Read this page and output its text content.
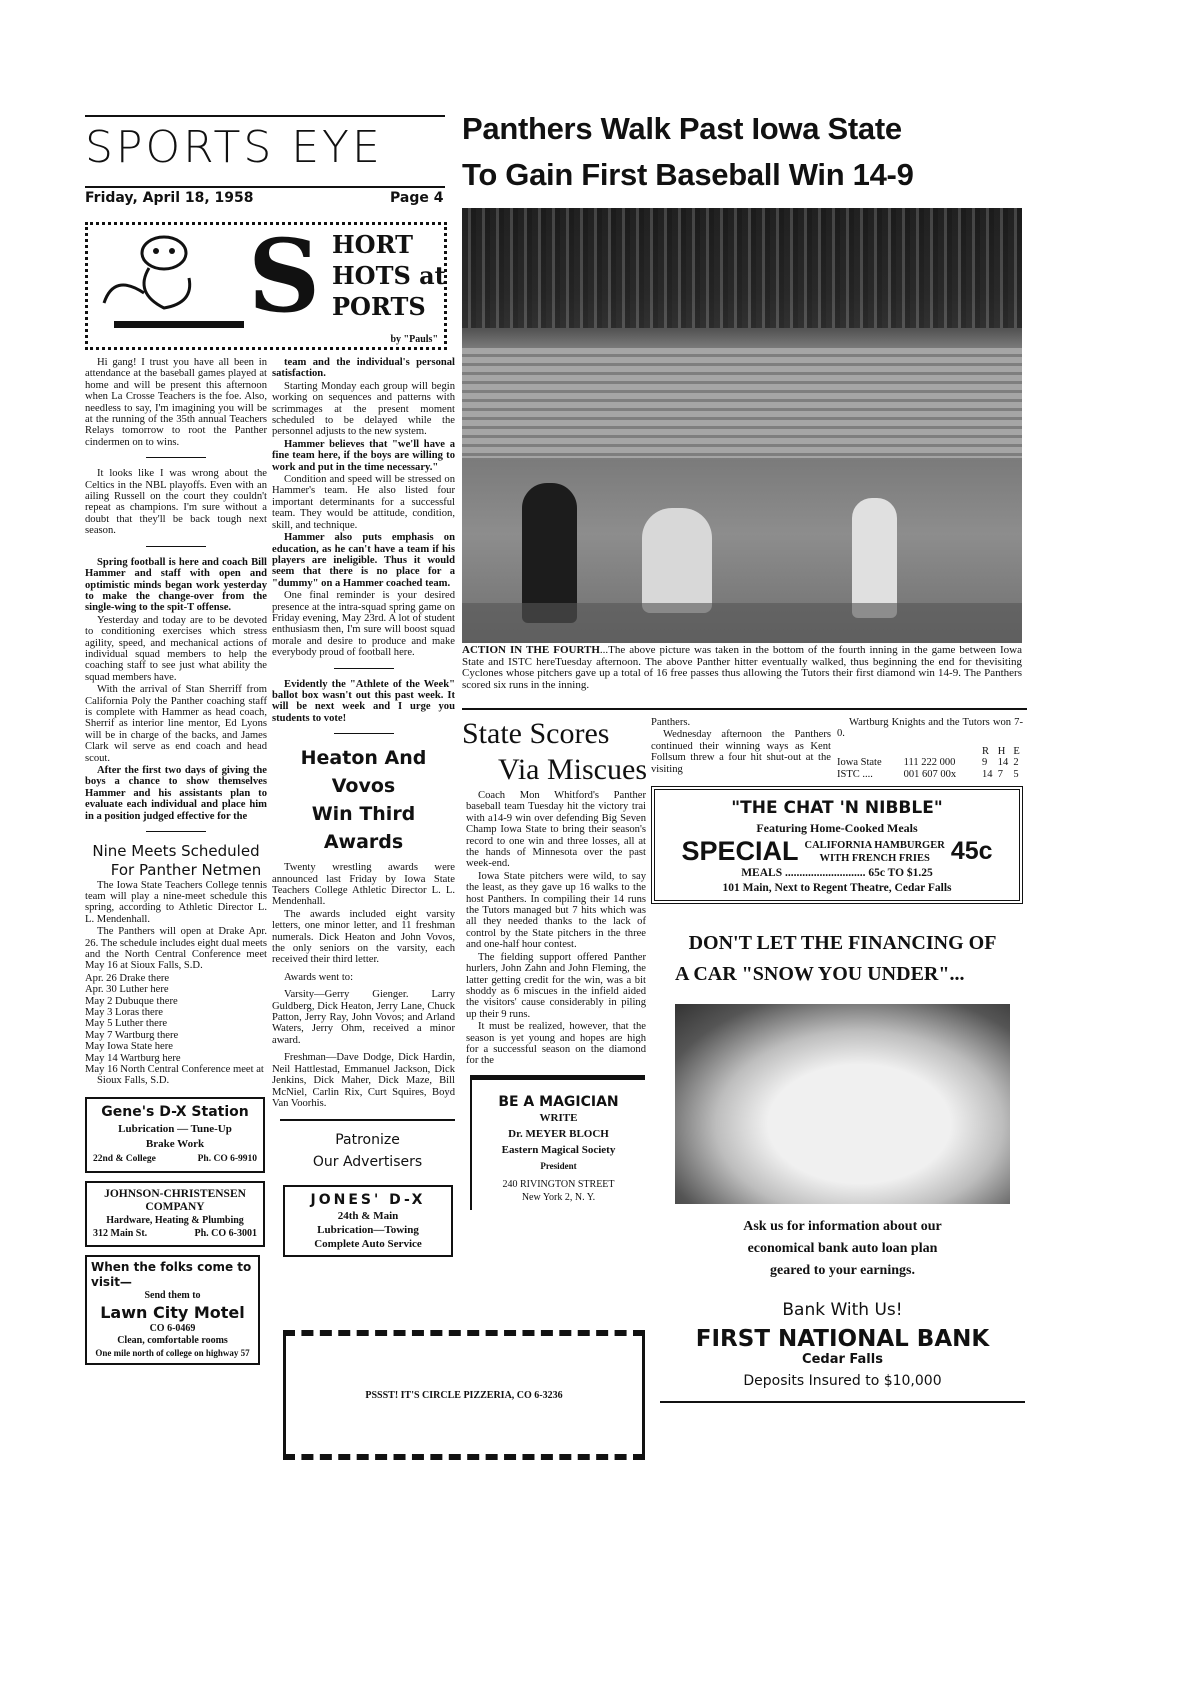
SPORTS EYE
Friday, April 18, 1958	Page 4
Panthers Walk Past Iowa State
To Gain First Baseball Win 14-9
ACTION IN THE FOURTH...The above picture was taken in the bottom of the fourth inning in the game between Iowa State and ISTC hereTuesday afternoon. The above Panther hitter eventually walked, thus beginning the end for thevisiting Cyclones whose pitchers gave up a total of 16 free passes thus allowing the Tutors their first diamond win 14-9. The Panthers scored six runs in the inning.
S HORT
HOTS at
PORTS
by "Pauls"

Hi gang! I trust you have all been in attendance at the baseball games played at home and will be present this afternoon when La Crosse Teachers is the foe. Also, needless to say, I'm imagining you will be at the running of the 35th annual Teachers Relays tomorrow to root the Panther cindermen on to wins.

It looks like I was wrong about the Celtics in the NBL playoffs. Even with an ailing Russell on the court they couldn't repeat as champions. I'm sure without a doubt that they'll be back tough next season.

Spring football is here and coach Bill Hammer and staff with open and optimistic minds began work yesterday to make the change-over from the single-wing to the spit-T offense.

Yesterday and today are to be devoted to conditioning exercises which stress agility, speed, and mechanical actions of individual squad members to help the coaching staff to see just what ability the squad members have.

With the arrival of Stan Sherriff from California Poly the Panther coaching staff is complete with Hammer as head coach, Sherrif as interior line mentor, Ed Lyons will be in charge of the backs, and James Clark wil serve as end coach and head scout.

After the first two days of giving the boys a chance to show themselves Hammer and his assistants plan to evaluate each individual and place him in a position judged effective for the

Nine Meets Scheduled
For Panther Netmen

The Iowa State Teachers College tennis team will play a nine-meet schedule this spring, according to Athletic Director L. L. Mendenhall.

The Panthers will open at Drake Apr. 26. The schedule includes eight dual meets and the North Central Conference meet May 16 at Sioux Falls, S.D.

Apr. 26 Drake there
Apr. 30 Luther here
May 2 Dubuque there
May 3 Loras there
May 5 Luther there
May 7 Wartburg there
May Iowa State here
May 14 Wartburg here
May 16 North Central Conference meet at Sioux Falls, S.D.
Gene's D-X Station
Lubrication — Tune-Up
Brake Work
22nd & College	Ph. CO 6-9910
JOHNSON-CHRISTENSEN
COMPANY
Hardware, Heating & Plumbing
312 Main St.	Ph. CO 6-3001
When the folks come to visit—
Send them to
Lawn City Motel
CO 6-0469
Clean, comfortable rooms
One mile north of college on highway 57

team and the individual's personal satisfaction.

Starting Monday each group will begin working on sequences and patterns with scrimmages at the present moment scheduled to be delayed while the personnel adjusts to the new system.

Hammer believes that "we'll have a fine team here, if the boys are willing to work and put in the time necessary."

Condition and speed will be stressed on Hammer's team. He also listed four important determinants for a successful team. They would be attitude, condition, skill, and technique.

Hammer also puts emphasis on education, as he can't have a team if his players are ineligible. Thus it would seem that there is no place for a "dummy" on a Hammer coached team.

One final reminder is your desired presence at the intra-squad spring game on Friday evening, May 23rd. A lot of student enthusiasm then, I'm sure will boost squad morale and desire to produce and make everybody proud of football here.

Evidently the "Athlete of the Week" ballot box wasn't out this past week. It will be next week and I urge you students to vote!

Heaton And Vovos
Win Third Awards

Twenty wrestling awards were announced last Friday by Iowa State Teachers College Athletic Director L. L. Mendenhall.

The awards included eight varsity letters, one minor letter, and 11 freshman numerals. Dick Heaton and John Vovos, the only seniors on the varsity, each received their third letter.

Awards went to:

Varsity—Gerry Gienger. Larry Guldberg, Dick Heaton, Jerry Lane, Chuck Patton, Jerry Ray, John Vovos; and Arland Waters, Jerry Ohm, received a minor award.

Freshman—Dave Dodge, Dick Hardin, Neil Hattlestad, Emmanuel Jackson, Dick Jenkins, Dick Maher, Dick Maze, Bill McNiel, Carlin Rix, Curt Squires, Boyd Van Voorhis.

Patronize
Our Advertisers
JONES' D-X
24th & Main
Lubrication—Towing
Complete Auto Service
State Scores
Via Miscues

Coach Mon Whitford's Panther baseball team Tuesday hit the victory trai with a14-9 win over defending Big Seven Champ Iowa State to bring their season's record to one win and three losses, all at the hands of Minnesota over the past week-end.

Iowa State pitchers were wild, to say the least, as they gave up 16 walks to the host Panthers. In compiling their 14 runs the Tutors managed but 7 hits which was all they needed thanks to the lack of control by the State pitchers in the three and one-half hour contest.

The fielding support offered Panther hurlers, John Zahn and John Fleming, the latter getting credit for the win, was a bit shoddy as 6 miscues in the infield aided the visitors' cause considerably in piling up their 9 runs.

It must be realized, however, that the season is yet young and hopes are high for a successful season on the diamond for the

BE A MAGICIAN
WRITE
Dr. MEYER BLOCH
Eastern Magical Society
President
240 RIVINGTON STREET
New York 2, N. Y.

Panthers.

Wednesday afternoon the Panthers continued their winning ways as Kent Follsum threw a four hit shut-out at the visiting

Wartburg Knights and the Tutors won 7-0.

		R	H	E
Iowa State	111 222 000	9	14	2
ISTC ....	001 607 00x	14	7	5
"THE CHAT 'N NIBBLE"
Featuring Home-Cooked Meals
SPECIAL CALIFORNIA HAMBURGER
WITH FRENCH FRIES 45c
MEALS ............................ 65c TO $1.25
101 Main, Next to Regent Theatre, Cedar Falls
DON'T LET THE FINANCING OF
A CAR "SNOW YOU UNDER"...
Ask us for information about our
economical bank auto loan plan
geared to your earnings.
Bank With Us!
FIRST NATIONAL BANK
Cedar Falls
Deposits Insured to $10,000
PSSST! IT'S CIRCLE PIZZERIA, CO 6-3236
